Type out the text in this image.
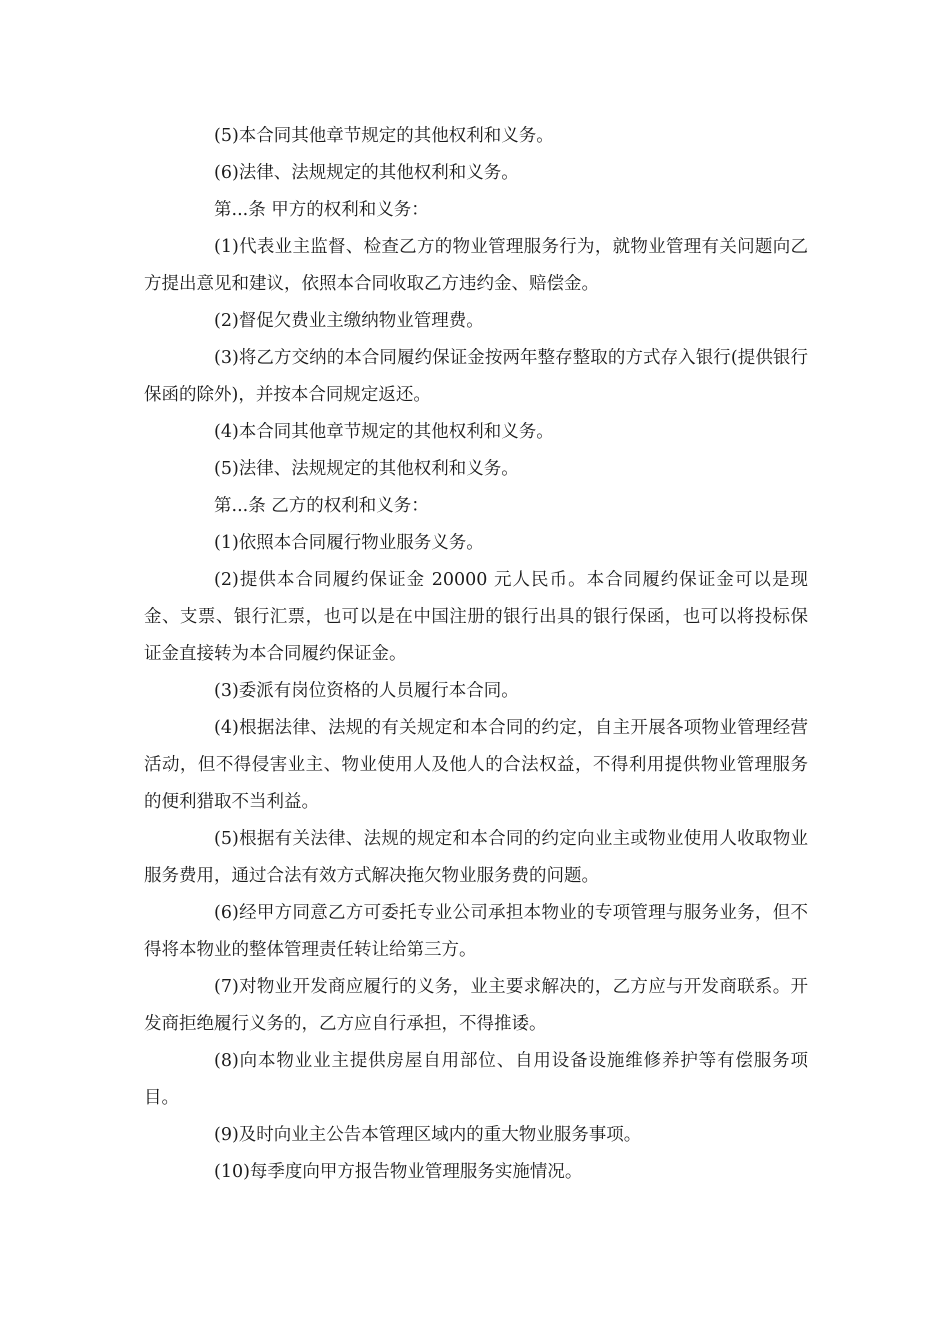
(5)本合同其他章节规定的其他权利和义务。

(6)法律、法规规定的其他权利和义务。

第...条 甲方的权利和义务：

(1)代表业主监督、检查乙方的物业管理服务行为，就物业管理有关问题向乙方提出意见和建议，依照本合同收取乙方违约金、赔偿金。

(2)督促欠费业主缴纳物业管理费。

(3)将乙方交纳的本合同履约保证金按两年整存整取的方式存入银行(提供银行保函的除外)，并按本合同规定返还。

(4)本合同其他章节规定的其他权利和义务。

(5)法律、法规规定的其他权利和义务。

第...条 乙方的权利和义务：

(1)依照本合同履行物业服务义务。

(2)提供本合同履约保证金 20000 元人民币。本合同履约保证金可以是现金、支票、银行汇票，也可以是在中国注册的银行出具的银行保函，也可以将投标保证金直接转为本合同履约保证金。

(3)委派有岗位资格的人员履行本合同。

(4)根据法律、法规的有关规定和本合同的约定，自主开展各项物业管理经营活动，但不得侵害业主、物业使用人及他人的合法权益，不得利用提供物业管理服务的便利猎取不当利益。

(5)根据有关法律、法规的规定和本合同的约定向业主或物业使用人收取物业服务费用，通过合法有效方式解决拖欠物业服务费的问题。

(6)经甲方同意乙方可委托专业公司承担本物业的专项管理与服务业务，但不得将本物业的整体管理责任转让给第三方。

(7)对物业开发商应履行的义务，业主要求解决的，乙方应与开发商联系。开发商拒绝履行义务的，乙方应自行承担，不得推诿。

(8)向本物业业主提供房屋自用部位、自用设备设施维修养护等有偿服务项目。

(9)及时向业主公告本管理区域内的重大物业服务事项。

(10)每季度向甲方报告物业管理服务实施情况。
